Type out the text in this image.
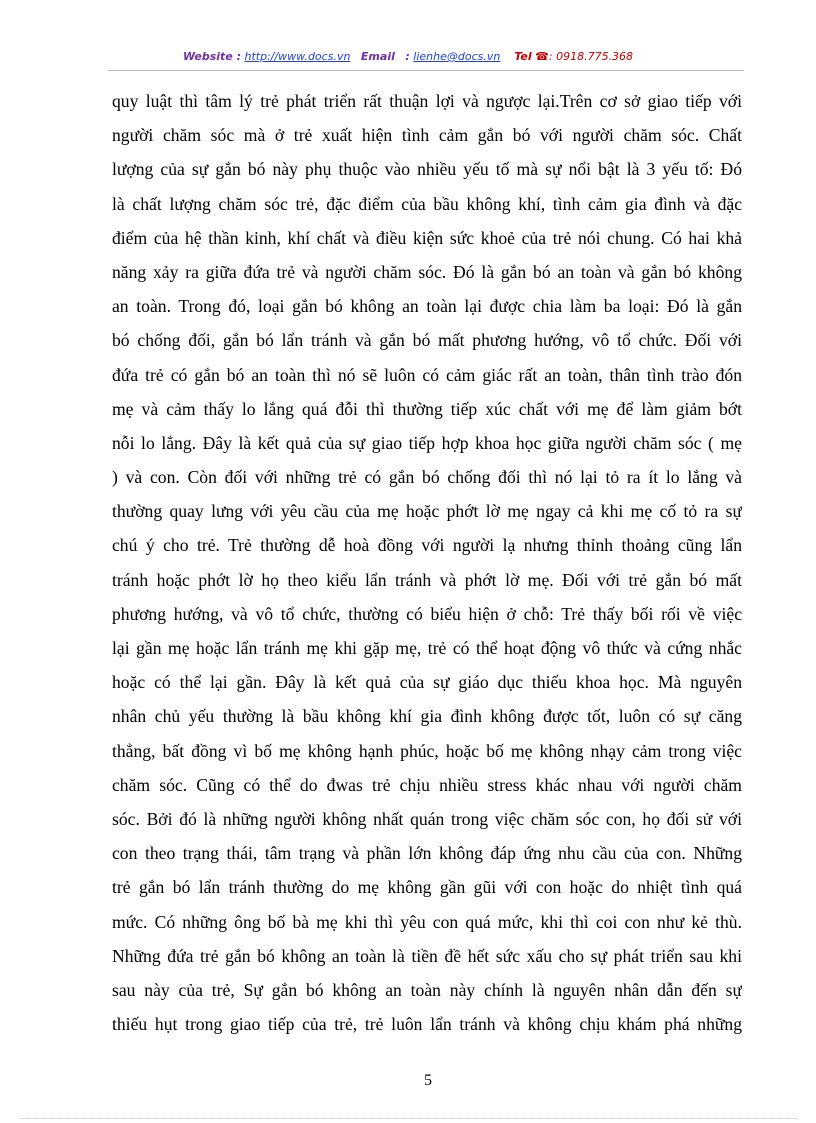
Website : http://www.docs.vn Email : lienhe@docs.vn Tel ☎: 0918.775.368
quy luật thì tâm lý trẻ phát triển rất thuận lợi và ngược lại.Trên cơ sở giao tiếp với
người chăm sóc mà ở trẻ xuất hiện tình cảm gắn bó với người chăm sóc. Chất
lượng của sự gắn bó này phụ thuộc vào nhiều yếu tố mà sự nổi bật là 3 yếu tố: Đó
là chất lượng chăm sóc trẻ, đặc điểm của bầu không khí, tình cảm gia đình và đặc
điểm của hệ thần kinh, khí chất và điều kiện sức khoẻ của trẻ nói chung. Có hai khả
năng xảy ra giữa đứa trẻ và người chăm sóc. Đó là gắn bó an toàn và gắn bó không
an toàn. Trong đó, loại gắn bó không an toàn lại được chia làm ba loại: Đó là gắn
bó chống đối, gắn bó lẩn tránh và gắn bó mất phương hướng, vô tổ chức. Đối với
đứa trẻ có gắn bó an toàn thì nó sẽ luôn có cảm giác rất an toàn, thân tình trào đón
mẹ và cảm thấy lo lắng quá đỗi thì thường tiếp xúc chất với mẹ để làm giảm bớt
nỗi lo lắng. Đây là kết quả của sự giao tiếp hợp khoa học giữa người chăm sóc ( mẹ
) và con. Còn đối với những trẻ có gắn bó chống đối thì nó lại tỏ ra ít lo lắng và
thường quay lưng với yêu cầu của mẹ hoặc phớt lờ mẹ ngay cả khi mẹ cố tỏ ra sự
chú ý cho trẻ. Trẻ thường dễ hoà đồng với người lạ nhưng thỉnh thoảng cũng lẩn
tránh hoặc phớt lờ họ theo kiểu lẩn tránh và phớt lờ mẹ. Đối với trẻ gắn bó mất
phương hướng, và vô tổ chức, thường có biểu hiện ở chỗ: Trẻ thấy bối rối về việc
lại gần mẹ hoặc lẩn tránh mẹ khi gặp mẹ, trẻ có thể hoạt động vô thức và cứng nhắc
hoặc có thể lại gần. Đây là kết quả của sự giáo dục thiếu khoa học. Mà nguyên
nhân chủ yếu thường là bầu không khí gia đình không được tốt, luôn có sự căng
thẳng, bất đồng vì bố mẹ không hạnh phúc, hoặc bố mẹ không nhạy cảm trong việc
chăm sóc. Cũng có thể do đwas trẻ chịu nhiều stress khác nhau với người chăm
sóc. Bởi đó là những người không nhất quán trong việc chăm sóc con, họ đối sử với
con theo trạng thái, tâm trạng và phần lớn không đáp ứng nhu cầu của con. Những
trẻ gắn bó lẩn tránh thường do mẹ không gần gũi với con hoặc do nhiệt tình quá
mức. Có những ông bố bà mẹ khi thì yêu con quá mức, khi thì coi con như kẻ thù.
Những đứa trẻ gắn bó không an toàn là tiền đề hết sức xấu cho sự phát triển sau khi
sau này của trẻ, Sự gắn bó không an toàn này chính là nguyên nhân dẫn đến sự
thiếu hụt trong giao tiếp của trẻ, trẻ luôn lẩn tránh và không chịu khám phá những
5
